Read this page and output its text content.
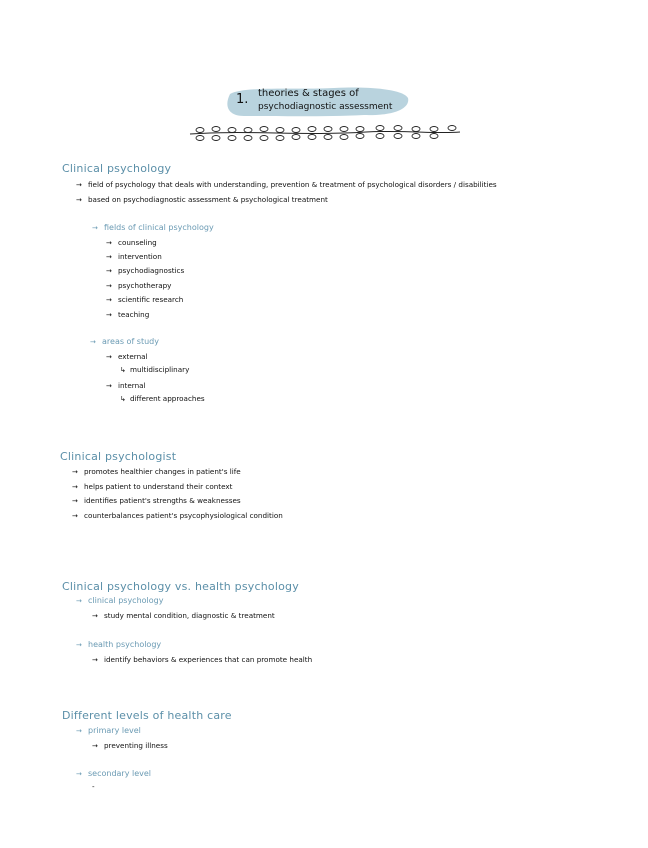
1. theories & stages of
psychodiagnostic assessment
Clinical psychology
→ field of psychology that deals with understanding, prevention & treatment of psychological disorders / disabilities
→ based on psychodiagnostic assessment & psychological treatment
→ fields of clinical psychology
→ counseling
→ intervention
→ psychodiagnostics
→ psychotherapy
→ scientific research
→ teaching
→ areas of study
→ external
↳ multidisciplinary
→ internal
↳ different approaches
Clinical psychologist
→ promotes healthier changes in patient's life
→ helps patient to understand their context
→ identifies patient's strengths & weaknesses
→ counterbalances patient's psycophysiological condition
Clinical psychology vs. health psychology
→ clinical psychology
→ study mental condition, diagnostic & treatment
→ health psychology
→ identify behaviors & experiences that can promote health
Different levels of health care
→ primary level
→ preventing illness
→ secondary level
-
